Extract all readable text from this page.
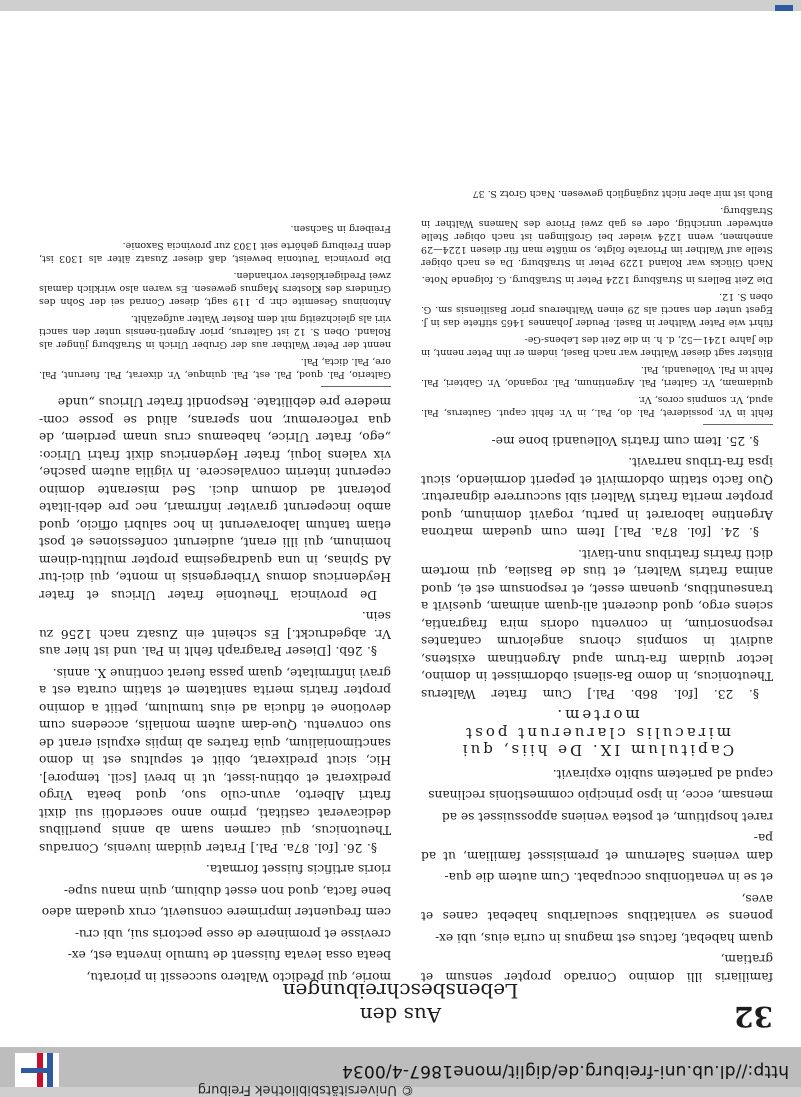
http://dl.ub.uni-freiburg.de/diglit/mone1867-4/0034
© Universitätsbibliothek Freiburg
32
Aus den Lebensbeschreibungen

familiaris illi domino Conrado propter sensum et gratiam,

quam habebat, factus est magnus in curia eius, ubi ex-

ponens se vanitatibus secularibus habebat canes et aves,

et se in venationibus occupabat. Cum autem die qua-

dam veniens Salernum et premisisset familiam, ut ad pa-

raret hospitium, et postea veniens appossuisset se ad

mensam, ecce, in ipso principio commestionis reclinans

capud ad parietem subito expiravit.

Capitulum IX. De hiis, qui miraculis claruerunt post mortem.

§. 23. [fol. 86b. Pal.] Cum frater Walterus Theutonicus, in domo Ba-silensi obdormisset in domino, lector quidam fra-trum apud Argentinam existens, audivit in sompnis chorus angelorum cantantes responsorium, in conventu odoris mira fragrantia, sciens ergo, quod ducerent ali-quam animam, quesivit a transeuntibus, quenam esset, et responsum est ei, quod anima fratris Walteri, et tius de Basilea, qui mortem dicti fratris fratribus nun-tiavit.

§. 24. [fol. 87a. Pal.] Item cum quedam matrona Argentine laboraret in partu, rogavit dominum, quod propter merita fratris Walteri sibi succurrere dignaretur. Quo facto statim obdormivit et peperit dormiendo, sicut ipsa fra-tribus narravit.

§. 25. Item cum fratris Volleuandi bone me-

fehlt in Vr. possideret, Pal. do, Pal., in Vr. fehlt caput. Gauterus, Pal. apud, Vr. sompnis coros, Vr.

quidamam, Vr. Galteri, Pal. Argentinum, Pal. rogando, Vr. Gabteri, Pal. fehlt in Pal. Volleuandi, Pal.

Blüster sagt dieser Walther war nach Basel, indem er ihn Peter nennt, in die Jahre 1241—52, d. h. in die Zeit des Lebens-Ge-

führt wie Pater Walther in Basel. Peuder Johannes 1465 stiftete das in J. Egest unter den sancti als 29 einen Walthereus prior Basiliensis sm. G. oben S. 12.

Die Zeit Bellers in Straßburg 1224 Peter in Straßburg. G. folgende Note.

Nach Glücks war Roland 1229 Peter in Straßburg. Da es nach obiger Stelle auf Walther im Priorate folgte, so müßte man für diesen 1224—29 annehmen, wenn 1224 wieder bei Großlingen ist nach obiger Stelle entweder unrichtig, oder es gab zwei Priore des Namens Walther in Straßburg.

Buch ist mir aber nicht zugänglich gewesen. Nach Grotz S. 37

morie, qui predicto Waltero successit in prioratu,

beata ossa levata fuissent de tumulo inventa est, ex-

crevisse et prominere de osse pectoris sui, ubi cru-

cem frequenter imprimere consuevit, crux quedam adeo

bene facta, quod non esset dubium, quin manu supe-

rioris artificis fuisset formata.

§. 26. [fol. 87a. Pal.] Frater quidam iuvenis, Conradus Theutonicus, qui carmen suam ab annis puerilibus dedicaverat castitati, primo anno sacerdotii sui dixit fratri Alberto, avun-culo suo, quod beata Virgo predixerat et obtinu-isset, ut in brevi [scil. tempore]. Hic, sicut predixerat, obiit et sepultus est in domo sanctimonialium, quia fratres ab impiis expulsi erant de suo conventu. Que-dam autem monialis, accedens cum devotione et fiducia ad eius tumulum, petiit a domino propter fratris merita sanitatem et statim curata est a gravi infirmitate, quam passa fuerat continue X. annis.

§. 26b. [Dieser Paragraph fehlt in Pal. und ist hier aus Vr. abgedruckt.] Es scheint ein Zusatz nach 1256 zu sein.

De provincia Theutonie frater Ulricus et frater Heydenricus domus Vribergensis in monte, qui dici-tur Ad Spinas, in una quadragesima propter multitu-dinem hominum, qui illi erant, audierunt confessiones et post etiam tantum laboraverunt in hoc salubri officio, quod ambo inceperunt graviter infirmari, nec pre debi-litate poterant ad domum duci. Sed miserante domino ceperunt interim convalescere. In vigilia autem pasche, vix valens loqui, frater Heydenricus dixit fratri Ulrico: „ego, frater Ulrice, habeamus crus unam perdiem, de qua reficeremur, non sperans, aliud se posse com-medere pre debilitate. Respondit frater Ulricus „unde

Galterio, Pal. quod, Pal. est, Pal. quinque, Vr. dixerat, Pal. fuerunt, Pal. ore, Pal. dicta, Pal.

nennt der Peter Walther aus der Gruber Ulrich in Straßburg jünger als Roland. Oben S. 12 ist Galterus, prior Argenti-nensis unter den sancti viri als gleichzeitig mit dem Roster Walter aufgezählt.

Antoninus Gesemite chr. p. 119 sagt, dieser Conrad sei der Sohn des Gründers des Klosters Magnus gewesen. Es waren also wirklich damals zwei Predigerklöster vorhanden.

Die provincia Teutonia beweist, daß dieser Zusatz älter als 1303 ist, denn Freiburg gehörte seit 1303 zur provincia Saxonie.

Freiberg in Sachsen.
